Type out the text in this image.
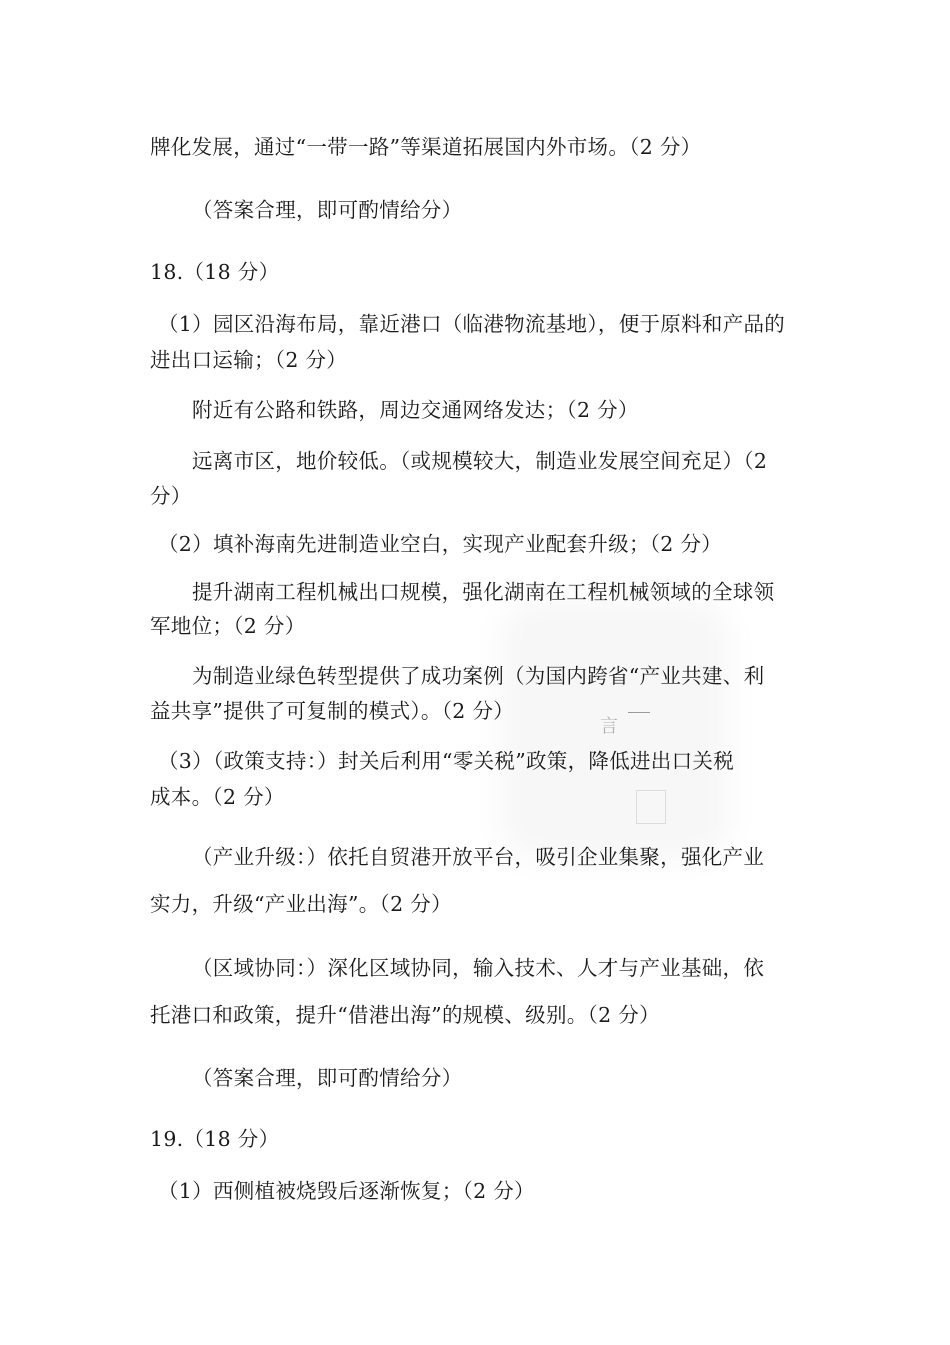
言
牌化发展，通过“一带一路”等渠道拓展国内外市场。（2 分）
（答案合理，即可酌情给分）
18.（18 分）
（1）园区沿海布局，靠近港口（临港物流基地），便于原料和产品的
进出口运输；（2 分）
附近有公路和铁路，周边交通网络发达；（2 分）
远离市区，地价较低。（或规模较大，制造业发展空间充足）（2
分）
（2）填补海南先进制造业空白，实现产业配套升级；（2 分）
提升湖南工程机械出口规模，强化湖南在工程机械领域的全球领
军地位；（2 分）
为制造业绿色转型提供了成功案例（为国内跨省“产业共建、利
益共享”提供了可复制的模式）。（2 分）
（3）（政策支持：）封关后利用“零关税”政策，降低进出口关税
成本。（2 分）
（产业升级：）依托自贸港开放平台，吸引企业集聚，强化产业
实力，升级“产业出海”。（2 分）
（区域协同：）深化区域协同，输入技术、人才与产业基础，依
托港口和政策，提升“借港出海”的规模、级别。（2 分）
（答案合理，即可酌情给分）
19.（18 分）
（1）西侧植被烧毁后逐渐恢复；（2 分）
